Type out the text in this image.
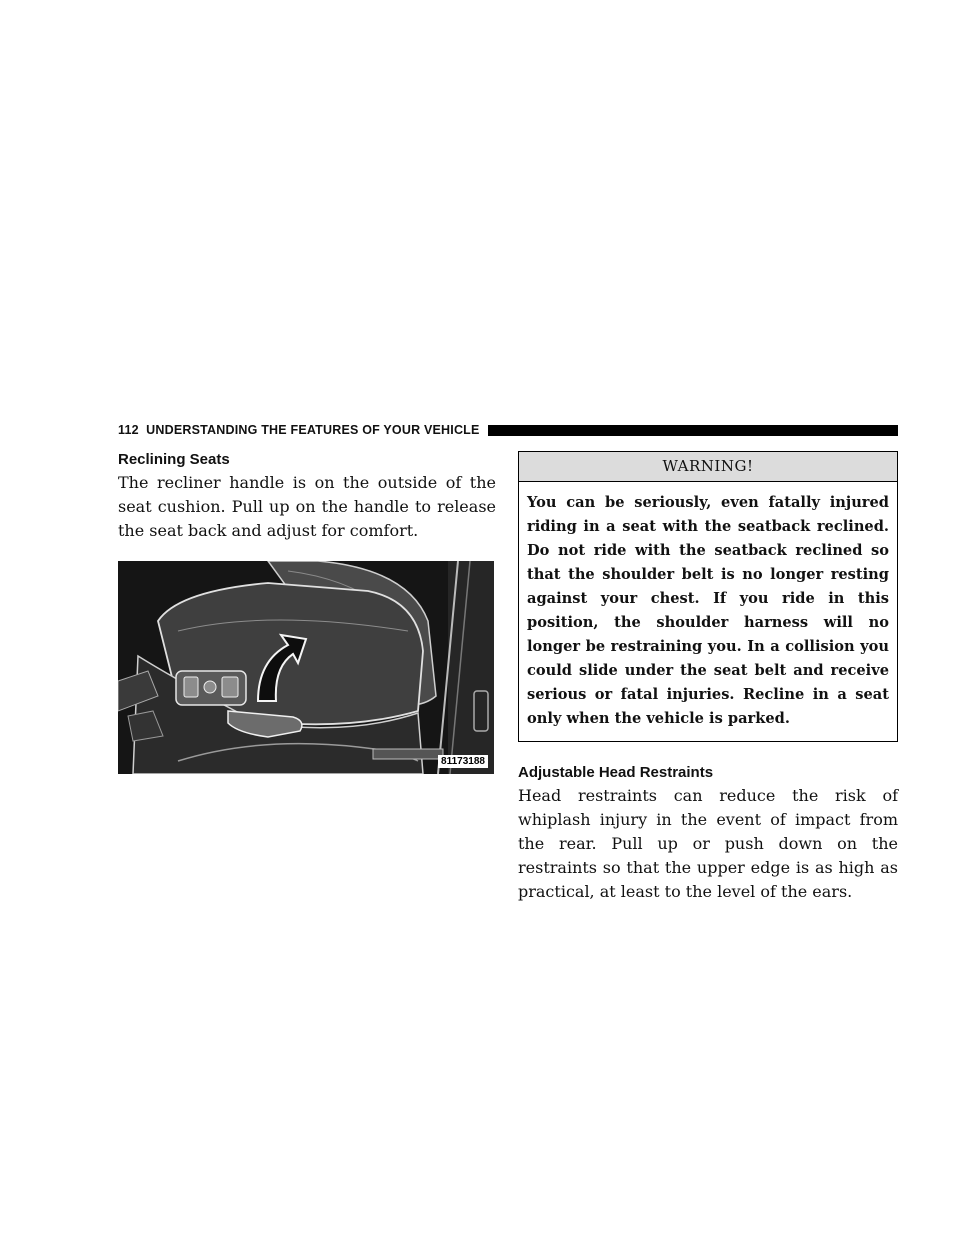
112 UNDERSTANDING THE FEATURES OF YOUR VEHICLE
Reclining Seats

The recliner handle is on the outside of the seat cushion. Pull up on the handle to release the seat back and adjust for comfort.

81173188
WARNING!
You can be seriously, even fatally injured riding in a seat with the seatback reclined. Do not ride with the seatback reclined so that the shoulder belt is no longer resting against your chest. If you ride in this position, the shoulder harness will no longer be restraining you. In a collision you could slide under the seat belt and receive serious or fatal injuries. Recline in a seat only when the vehicle is parked.
Adjustable Head Restraints

Head restraints can reduce the risk of whiplash injury in the event of impact from the rear. Pull up or push down on the restraints so that the upper edge is as high as practical, at least to the level of the ears.
